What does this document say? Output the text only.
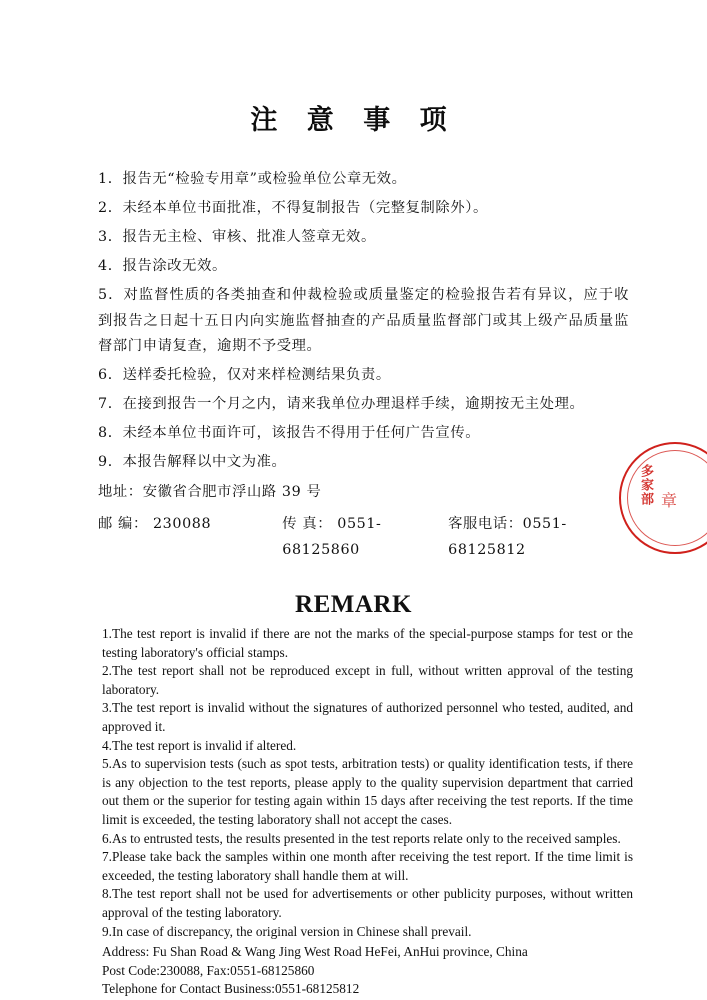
注 意 事 项

1．报告无“检验专用章”或检验单位公章无效。

2．未经本单位书面批准，不得复制报告（完整复制除外）。

3．报告无主检、审核、批准人签章无效。

4．报告涂改无效。

5．对监督性质的各类抽查和仲裁检验或质量鉴定的检验报告若有异议，应于收到报告之日起十五日内向实施监督抽查的产品质量监督部门或其上级产品质量监督部门申请复查，逾期不予受理。

6．送样委托检验，仅对来样检测结果负责。

7．在接到报告一个月之内，请来我单位办理退样手续，逾期按无主处理。

8．未经本单位书面许可，该报告不得用于任何广告宣传。

9．本报告解释以中文为准。

地址：安徽省合肥市浮山路 39 号

邮 编： 230088	传 真： 0551-68125860
客服电话：0551-68125812
多家部 章
REMARK

1.The test report is invalid if there are not the marks of the special-purpose stamps for test or the testing laboratory's official stamps.

2.The test report shall not be reproduced except in full, without written approval of the testing laboratory.

3.The test report is invalid without the signatures of authorized personnel who tested, audited, and approved it.

4.The test report is invalid if altered.

5.As to supervision tests (such as spot tests, arbitration tests) or quality identification tests, if there is any objection to the test reports, please apply to the quality supervision department that carried out them or the superior for testing again within 15 days after receiving the test reports. If the time limit is exceeded, the testing laboratory shall not accept the cases.

6.As to entrusted tests, the results presented in the test reports relate only to the received samples.

7.Please take back the samples within one month after receiving the test report. If the time limit is exceeded, the testing laboratory shall handle them at will.

8.The test report shall not be used for advertisements or other publicity purposes, without written approval of the testing laboratory.

9.In case of discrepancy, the original version in Chinese shall prevail.

Address: Fu Shan Road & Wang Jing West Road HeFei, AnHui province, China

Post Code:230088, Fax:0551-68125860

Telephone for Contact Business:0551-68125812
